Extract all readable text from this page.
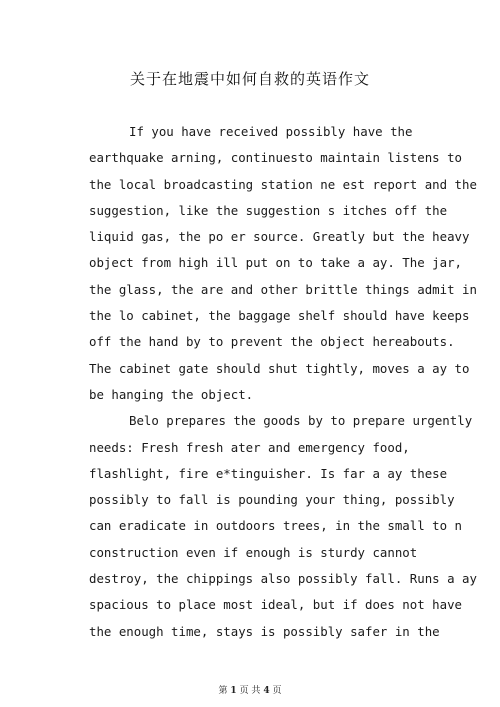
关于在地震中如何自救的英语作文
If you have received possibly have the
earthquake arning, continuesto maintain listens to
the local broadcasting station ne est report and the
suggestion, like the suggestion s itches off the
liquid gas, the po er source. Greatly but the heavy
object from high ill put on to take a ay. The jar,
the glass, the are and other brittle things admit in
the lo cabinet, the baggage shelf should have keeps
off the hand by to prevent the object hereabouts.
The cabinet gate should shut tightly, moves a ay to
be hanging the object.
Belo prepares the goods by to prepare urgently
needs: Fresh fresh ater and emergency food,
flashlight, fire e*tinguisher. Is far a ay these
possibly to fall is pounding your thing, possibly
can eradicate in outdoors trees, in the small to n
construction even if enough is sturdy cannot
destroy, the chippings also possibly fall. Runs a ay
spacious to place most ideal, but if does not have
the enough time, stays is possibly safer in the
第 1 页 共 4 页
